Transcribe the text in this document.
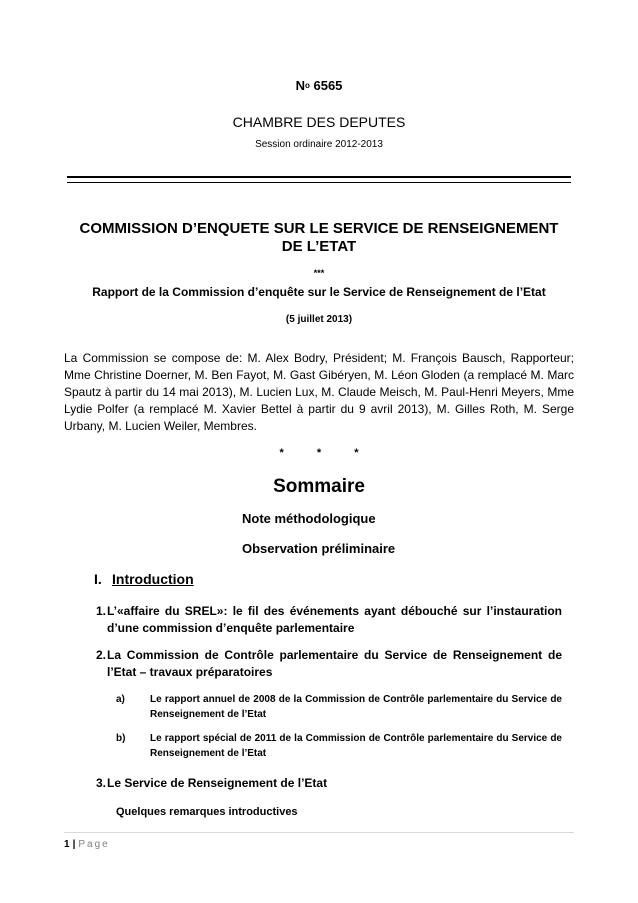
$N^o$ 6565
CHAMBRE DES DEPUTES
Session ordinaire 2012-2013
COMMISSION D’ENQUETE SUR LE SERVICE DE RENSEIGNEMENT
DE L’ETAT
***
Rapport de la Commission d’enquête sur le Service de Renseignement de l’Etat
(5 juillet 2013)
La Commission se compose de: M. Alex Bodry, Président; M. François Bausch, Rapporteur; Mme Christine Doerner, M. Ben Fayot, M. Gast Gibéryen, M. Léon Gloden (a remplacé M. Marc Spautz à partir du 14 mai 2013), M. Lucien Lux, M. Claude Meisch, M. Paul-Henri Meyers, Mme Lydie Polfer (a remplacé M. Xavier Bettel à partir du 9 avril 2013), M. Gilles Roth, M. Serge Urbany, M. Lucien Weiler, Membres.
* * *
Sommaire
Note méthodologique
Observation préliminaire
I. Introduction
1. L’«affaire du SREL»: le fil des événements ayant débouché sur l’instauration d’une commission d’enquête parlementaire
2. La Commission de Contrôle parlementaire du Service de Renseignement de l’Etat – travaux préparatoires
a)	Le rapport annuel de 2008 de la Commission de Contrôle parlementaire du Service de Renseignement de l’Etat
b) Le rapport spécial de 2011 de la Commission de Contrôle parlementaire du Service de Renseignement de l’Etat
3. Le Service de Renseignement de l’Etat
Quelques remarques introductives
1 | Page
